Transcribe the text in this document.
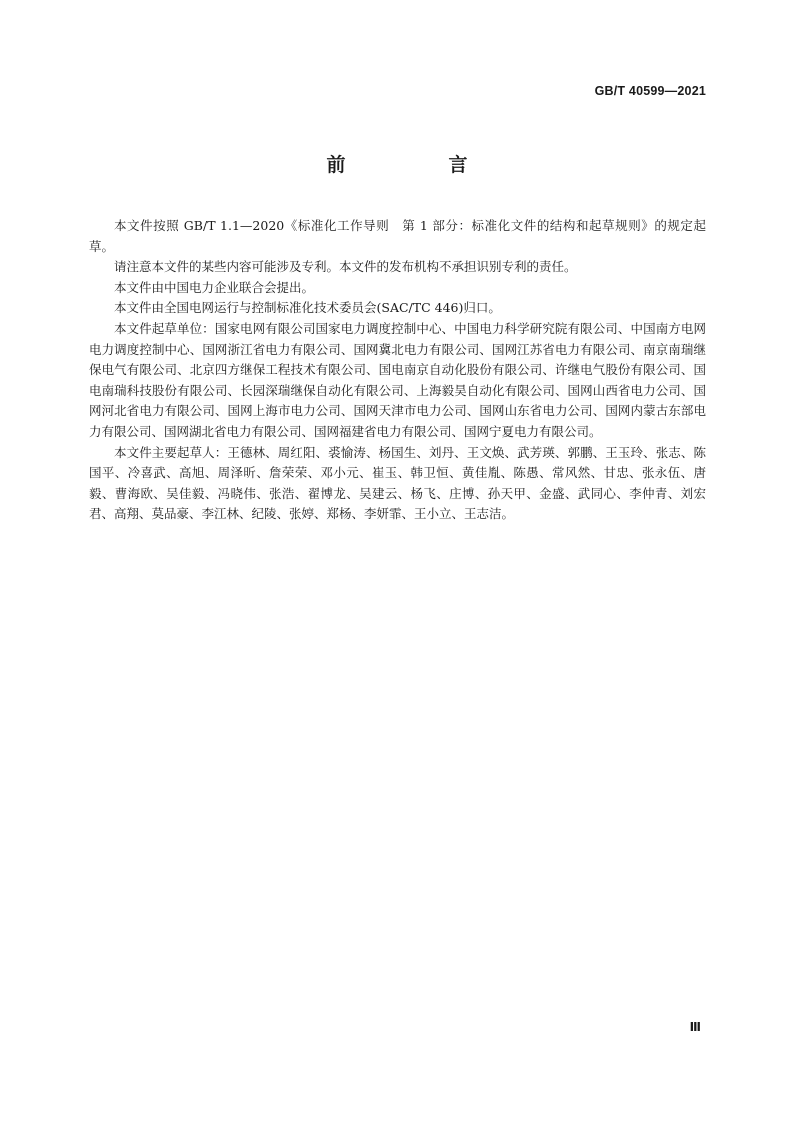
GB/T 40599—2021
前　言

本文件按照 GB/T 1.1—2020《标准化工作导则　第 1 部分：标准化文件的结构和起草规则》的规定起草。

请注意本文件的某些内容可能涉及专利。本文件的发布机构不承担识别专利的责任。

本文件由中国电力企业联合会提出。

本文件由全国电网运行与控制标准化技术委员会(SAC/TC 446)归口。

本文件起草单位：国家电网有限公司国家电力调度控制中心、中国电力科学研究院有限公司、中国南方电网电力调度控制中心、国网浙江省电力有限公司、国网冀北电力有限公司、国网江苏省电力有限公司、南京南瑞继保电气有限公司、北京四方继保工程技术有限公司、国电南京自动化股份有限公司、许继电气股份有限公司、国电南瑞科技股份有限公司、长园深瑞继保自动化有限公司、上海毅昊自动化有限公司、国网山西省电力公司、国网河北省电力有限公司、国网上海市电力公司、国网天津市电力公司、国网山东省电力公司、国网内蒙古东部电力有限公司、国网湖北省电力有限公司、国网福建省电力有限公司、国网宁夏电力有限公司。

本文件主要起草人：王德林、周红阳、裘愉涛、杨国生、刘丹、王文焕、武芳瑛、郭鹏、王玉玲、张志、陈国平、冷喜武、高旭、周泽昕、詹荣荣、邓小元、崔玉、韩卫恒、黄佳胤、陈愚、常风然、甘忠、张永伍、唐毅、曹海欧、吴佳毅、冯晓伟、张浩、翟博龙、吴建云、杨飞、庄博、孙天甲、金盛、武同心、李仲青、刘宏君、高翔、莫品豪、李江林、纪陵、张婷、郑杨、李妍霏、王小立、王志洁。

Ⅲ
